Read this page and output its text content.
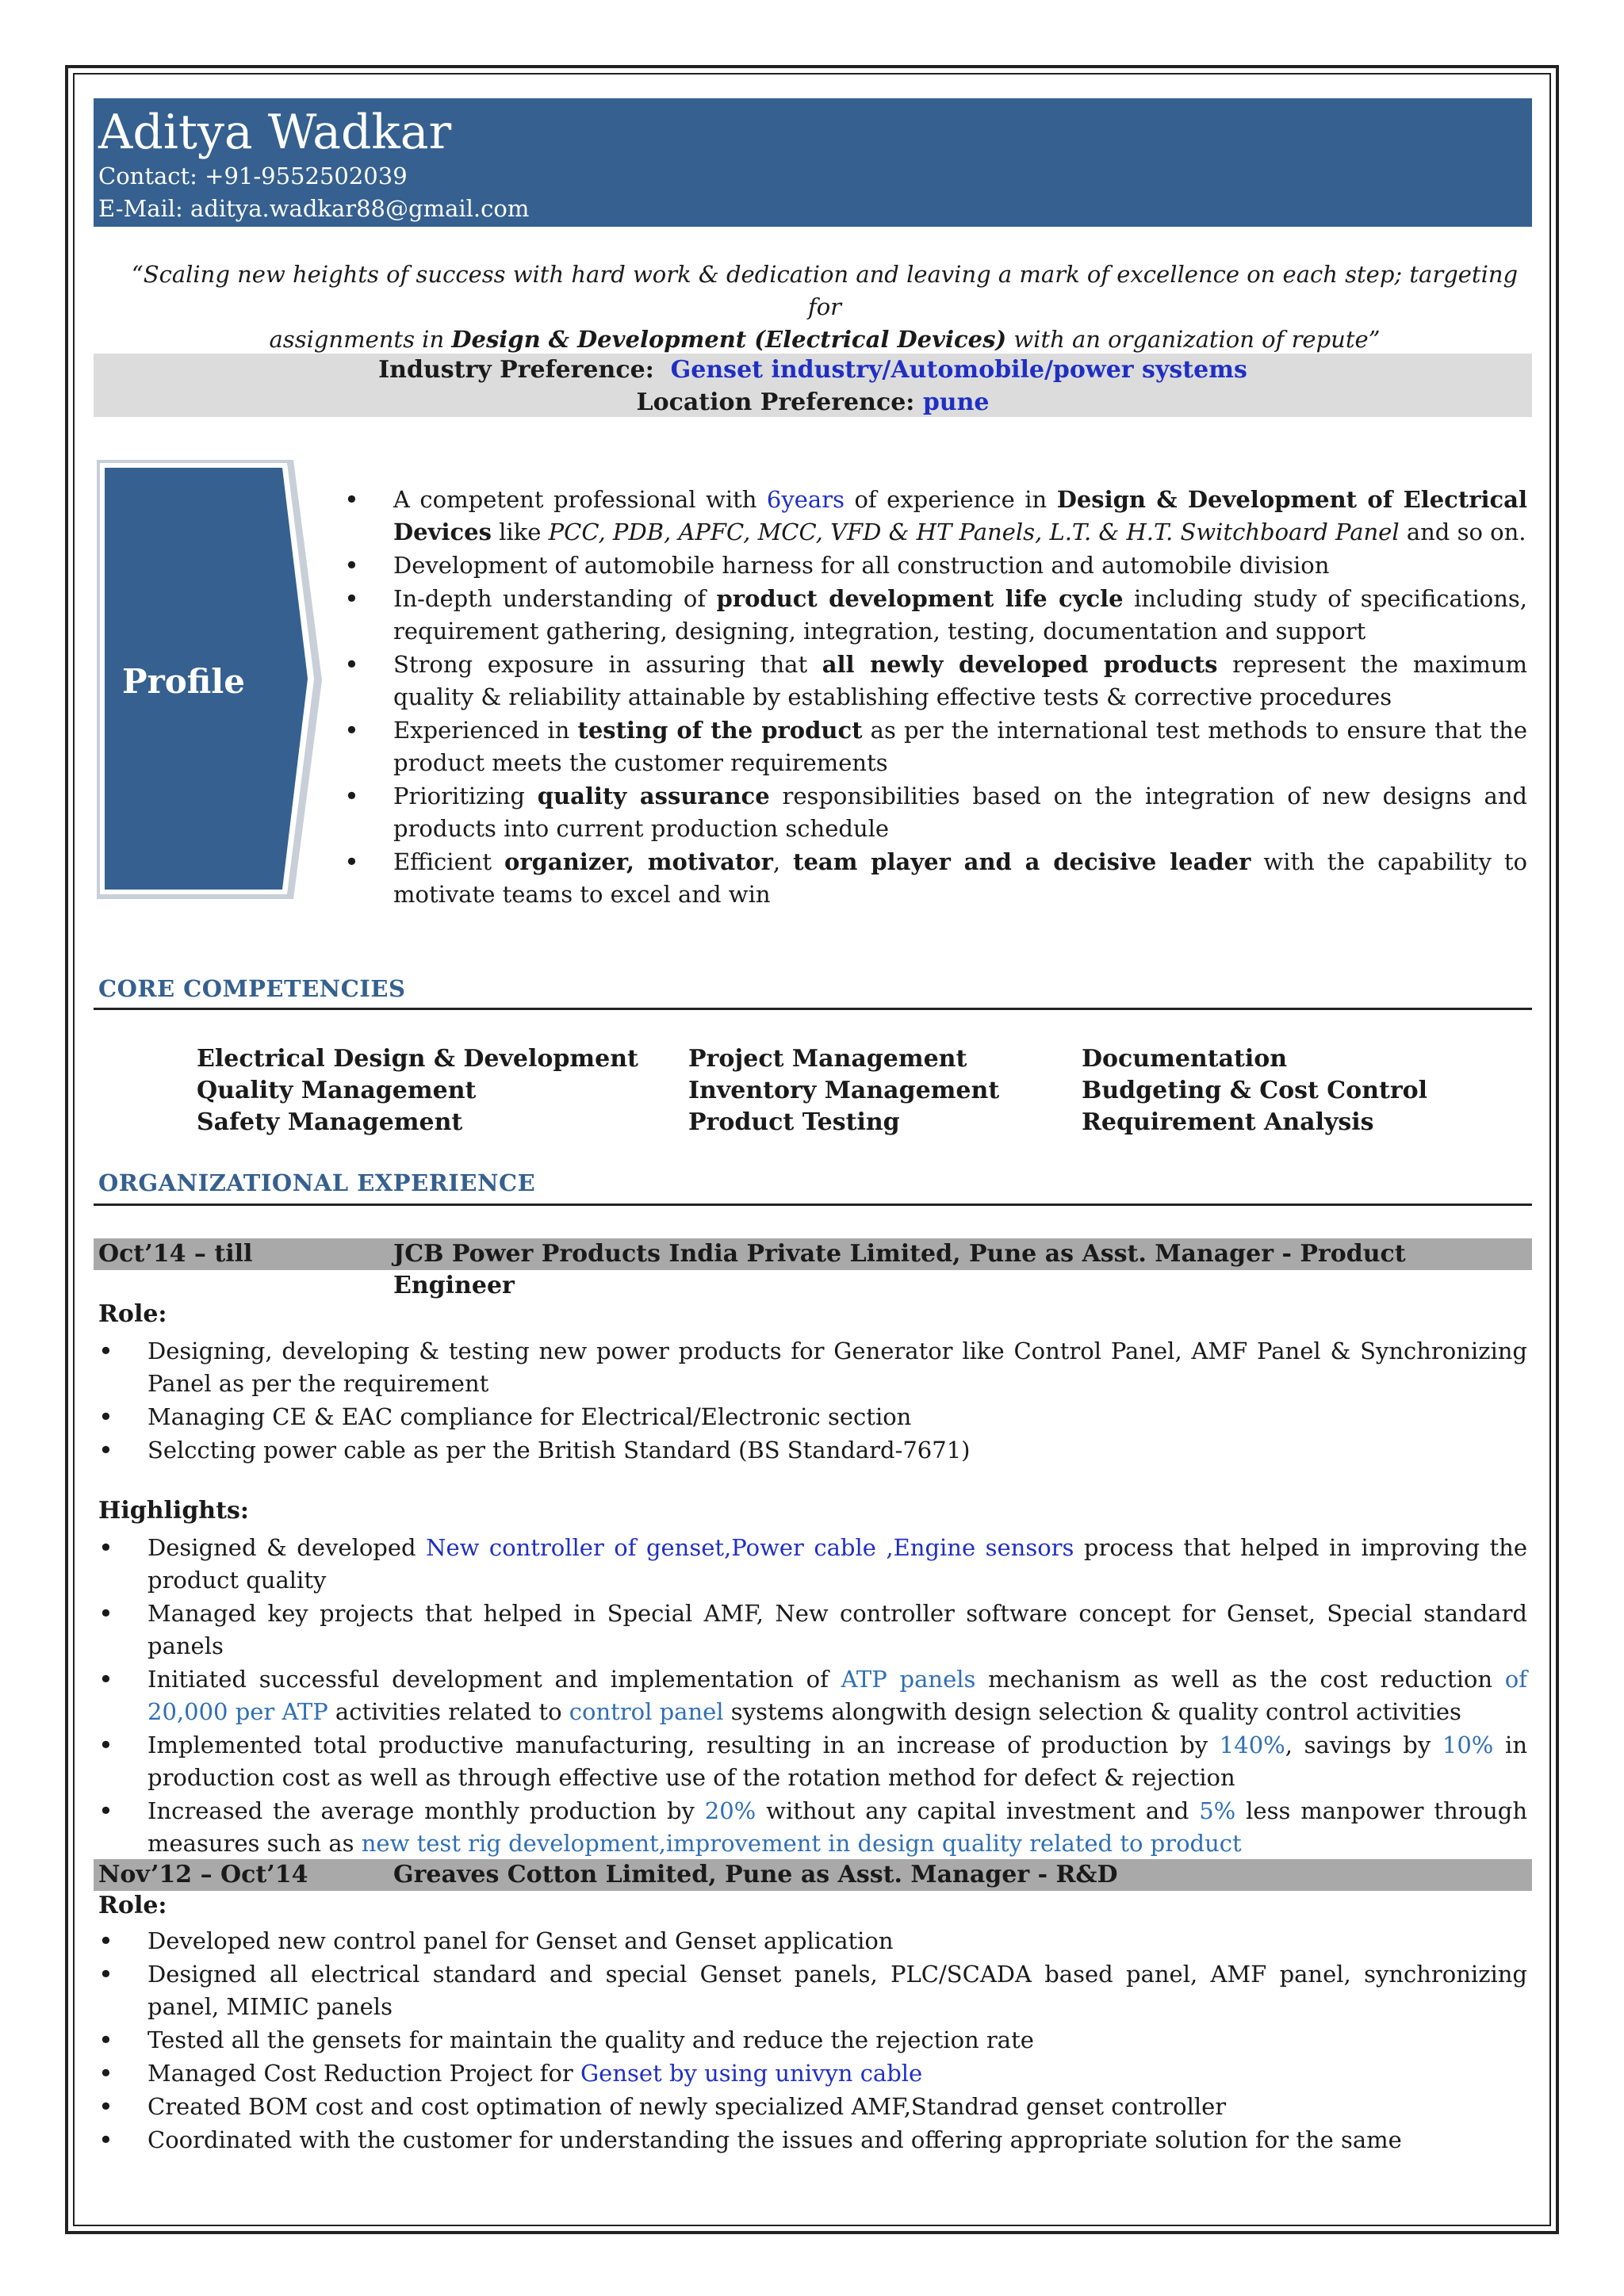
Aditya Wadkar
Contact: +91-9552502039
E-Mail: aditya.wadkar88@gmail.com
“Scaling new heights of success with hard work & dedication and leaving a mark of excellence on each step; targeting for
assignments in Design & Development (Electrical Devices) with an organization of repute”
Industry Preference: Genset industry/Automobile/power systems
Location Preference: pune
Profile
• A competent professional with 6years of experience in Design & Development of Electrical Devices like PCC, PDB, APFC, MCC, VFD & HT Panels, L.T. & H.T. Switchboard Panel and so on.
• Development of automobile harness for all construction and automobile division
• In-depth understanding of product development life cycle including study of specifications, requirement gathering, designing, integration, testing, documentation and support
• Strong exposure in assuring that all newly developed products represent the maximum quality & reliability attainable by establishing effective tests & corrective procedures
• Experienced in testing of the product as per the international test methods to ensure that the product meets the customer requirements
• Prioritizing quality assurance responsibilities based on the integration of new designs and products into current production schedule
• Efficient organizer, motivator, team player and a decisive leader with the capability to motivate teams to excel and win
CORE COMPETENCIES
Electrical Design & Development
Quality Management
Safety Management
Project Management
Inventory Management
Product Testing
Documentation
Budgeting & Cost Control
Requirement Analysis
ORGANIZATIONAL EXPERIENCE
Oct’14 – till	JCB Power Products India Private Limited, Pune as Asst. Manager - Product Engineer
Role:
• Designing, developing & testing new power products for Generator like Control Panel, AMF Panel & Synchronizing Panel as per the requirement
• Managing CE & EAC compliance for Electrical/Electronic section
• Selccting power cable as per the British Standard (BS Standard-7671)
Highlights:
• Designed & developed New controller of genset,Power cable ,Engine sensors process that helped in improving the product quality
• Managed key projects that helped in Special AMF, New controller software concept for Genset, Special standard panels
• Initiated successful development and implementation of ATP panels mechanism as well as the cost reduction of 20,000 per ATP activities related to control panel systems alongwith design selection & quality control activities
• Implemented total productive manufacturing, resulting in an increase of production by 140%, savings by 10% in production cost as well as through effective use of the rotation method for defect & rejection
• Increased the average monthly production by 20% without any capital investment and 5% less manpower through measures such as new test rig development,improvement in design quality related to product
Nov’12 – Oct’14	Greaves Cotton Limited, Pune as Asst. Manager - R&D
Role:
• Developed new control panel for Genset and Genset application
• Designed all electrical standard and special Genset panels, PLC/SCADA based panel, AMF panel, synchronizing panel, MIMIC panels
• Tested all the gensets for maintain the quality and reduce the rejection rate
• Managed Cost Reduction Project for Genset by using univyn cable
• Created BOM cost and cost optimation of newly specialized AMF,Standrad genset controller
• Coordinated with the customer for understanding the issues and offering appropriate solution for the same
